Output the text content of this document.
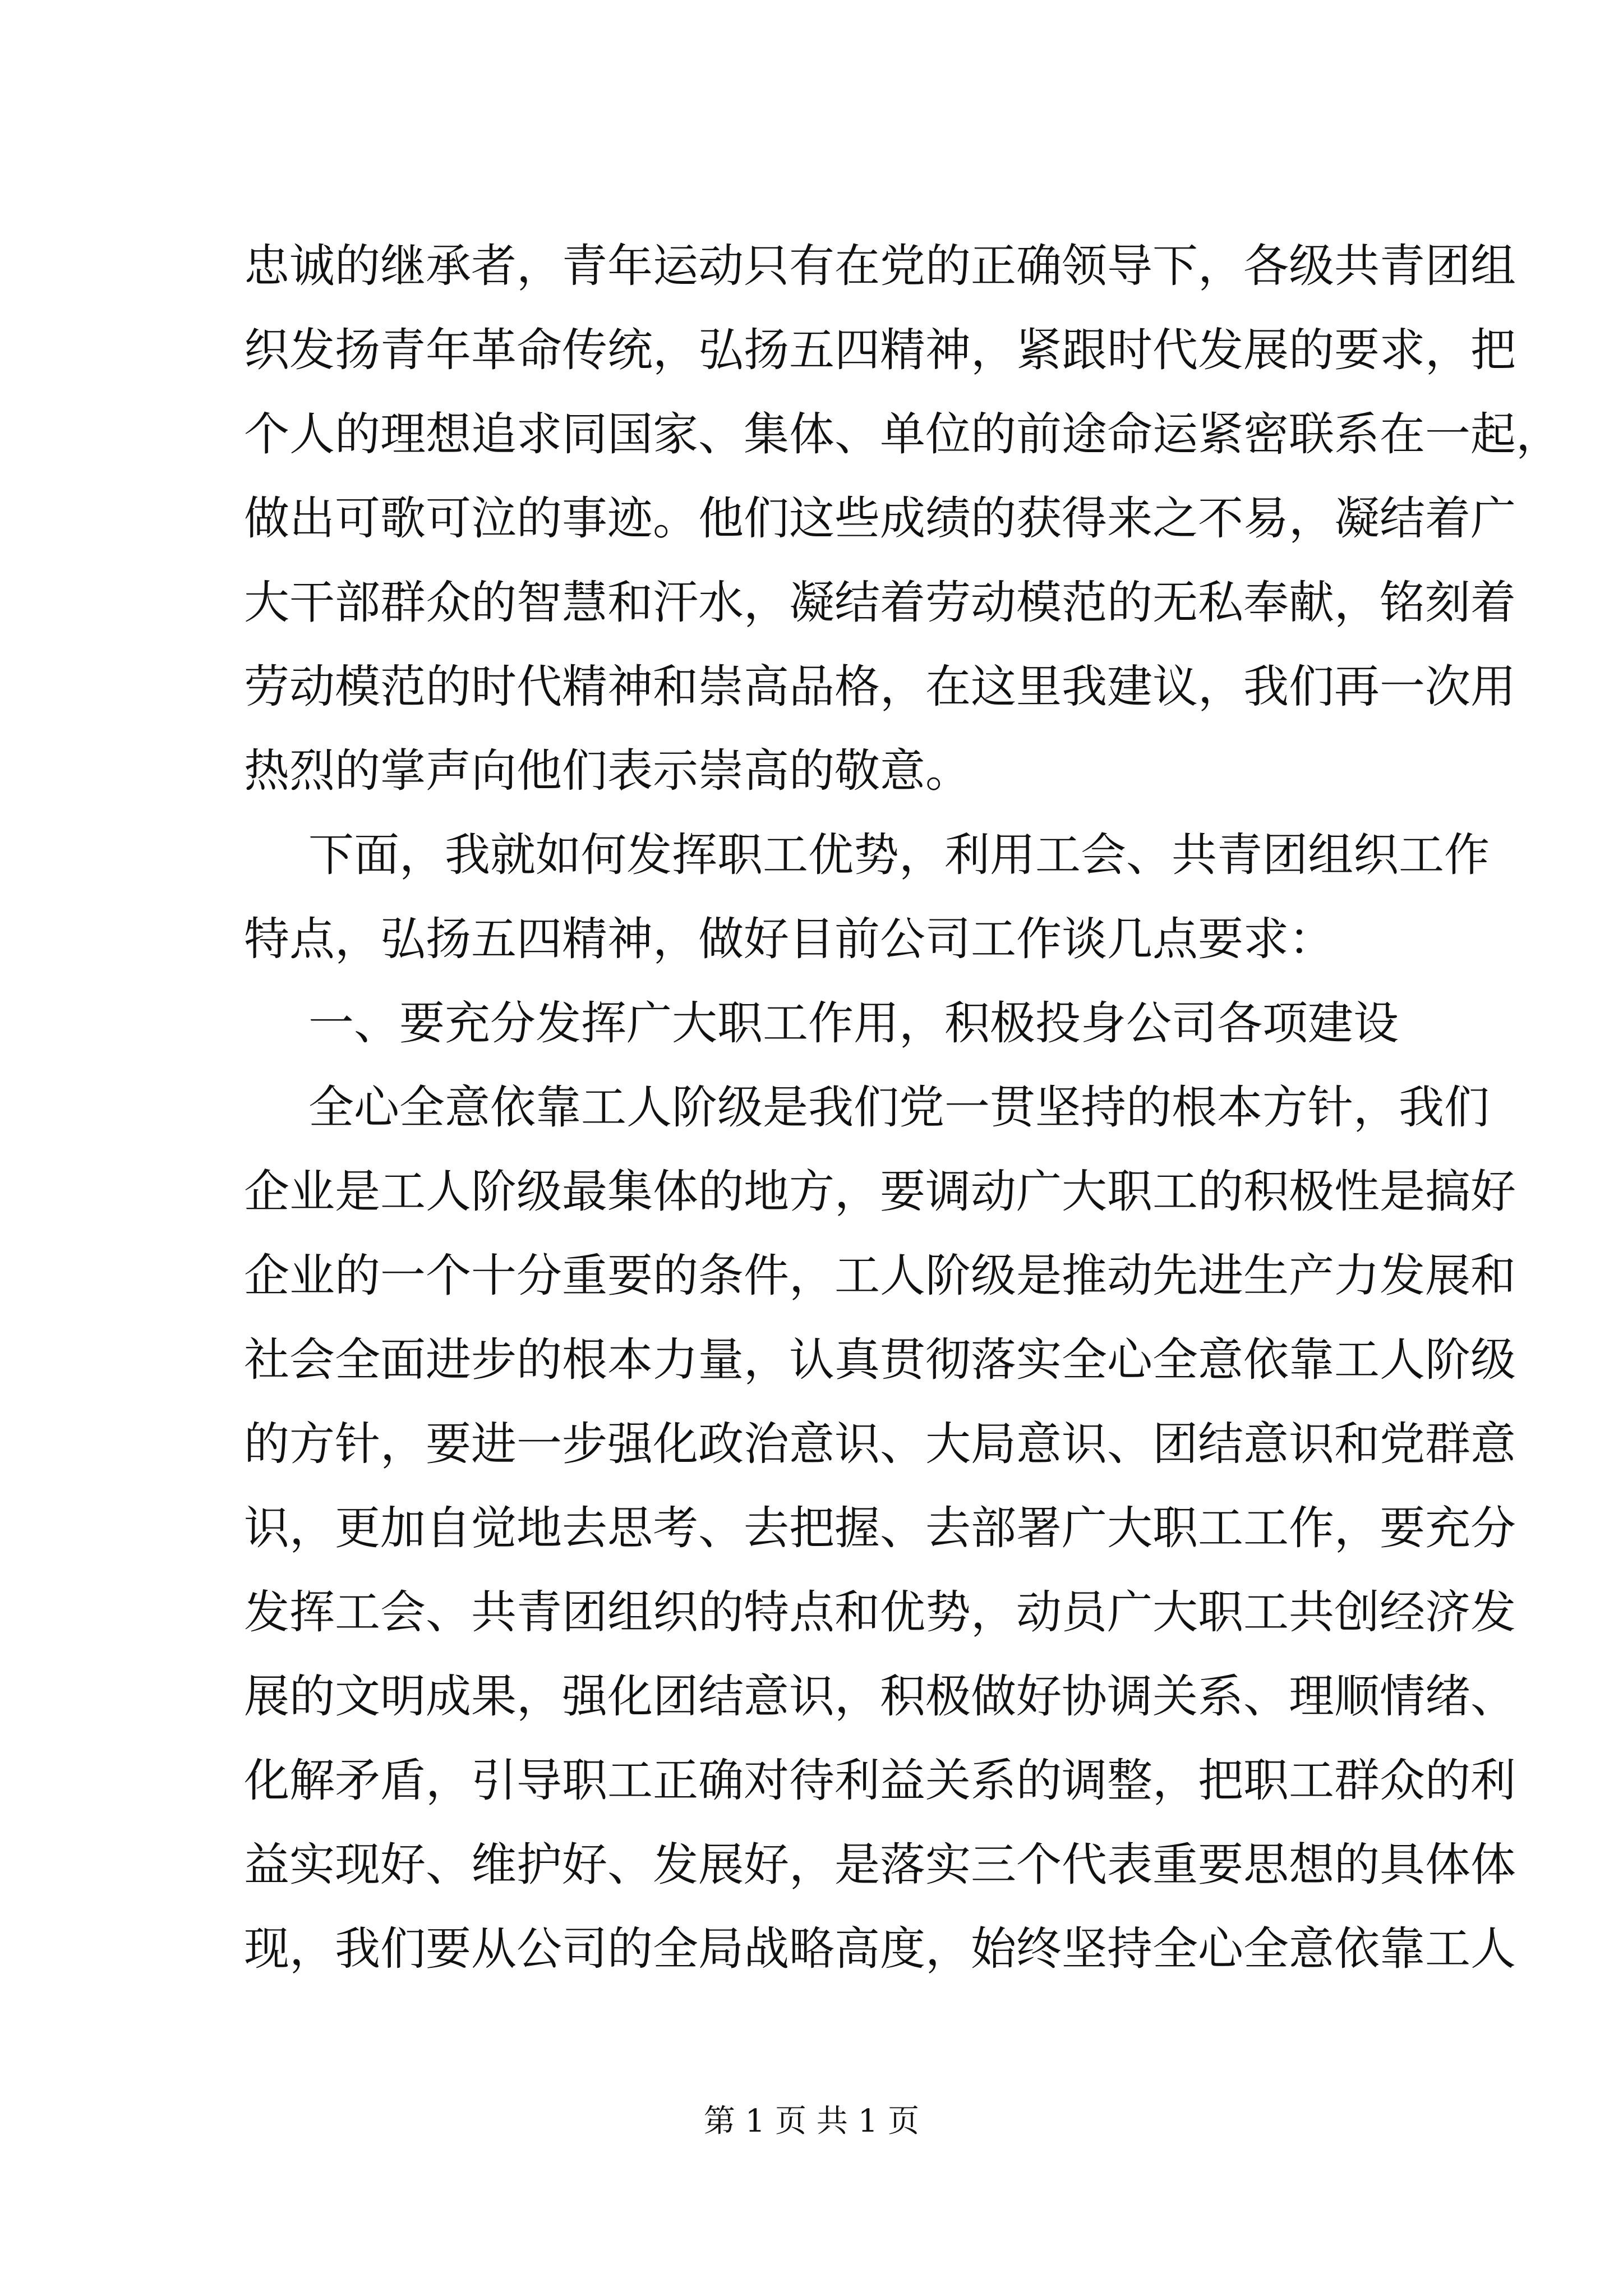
忠诚的继承者，青年运动只有在党的正确领导下，各级共青团组
织发扬青年革命传统，弘扬五四精神，紧跟时代发展的要求，把
个人的理想追求同国家、集体、单位的前途命运紧密联系在一起，
做出可歌可泣的事迹。他们这些成绩的获得来之不易，凝结着广
大干部群众的智慧和汗水，凝结着劳动模范的无私奉献，铭刻着
劳动模范的时代精神和崇高品格，在这里我建议，我们再一次用
热烈的掌声向他们表示崇高的敬意。
下面，我就如何发挥职工优势，利用工会、共青团组织工作
特点，弘扬五四精神，做好目前公司工作谈几点要求：
一、要充分发挥广大职工作用，积极投身公司各项建设
全心全意依靠工人阶级是我们党一贯坚持的根本方针，我们
企业是工人阶级最集体的地方，要调动广大职工的积极性是搞好
企业的一个十分重要的条件，工人阶级是推动先进生产力发展和
社会全面进步的根本力量，认真贯彻落实全心全意依靠工人阶级
的方针，要进一步强化政治意识、大局意识、团结意识和党群意
识，更加自觉地去思考、去把握、去部署广大职工工作，要充分
发挥工会、共青团组织的特点和优势，动员广大职工共创经济发
展的文明成果，强化团结意识，积极做好协调关系、理顺情绪、
化解矛盾，引导职工正确对待利益关系的调整，把职工群众的利
益实现好、维护好、发展好，是落实三个代表重要思想的具体体
现，我们要从公司的全局战略高度，始终坚持全心全意依靠工人
第 1 页 共 1 页
